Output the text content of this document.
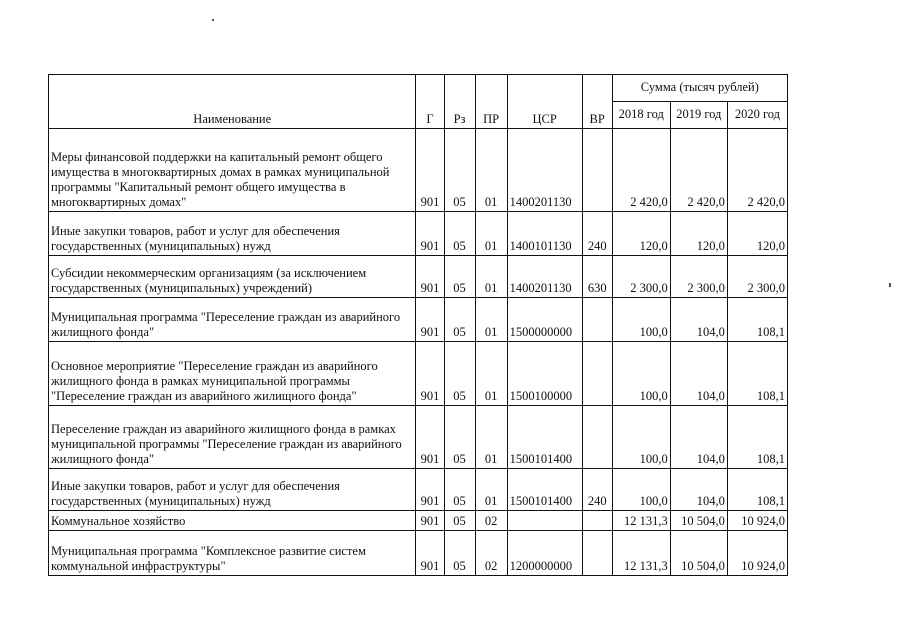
Наименование	Г	Рз	ПР	ЦСР	ВР	Сумма (тысяч рублей)		
						2018 год	2019 год	2020 год
Меры финансовой поддержки на капитальный ремонт общего имущества в многоквартирных домах в рамках муниципальной программы "Капитальный ремонт общего имущества в многоквартирных домах"	901	05	01	1400201130		2 420,0	2 420,0	2 420,0
Иные закупки товаров, работ и услуг для обеспечения государственных (муниципальных) нужд	901	05	01	1400101130	240	120,0	120,0	120,0
Субсидии некоммерческим организациям (за исключением государственных (муниципальных) учреждений)	901	05	01	1400201130	630	2 300,0	2 300,0	2 300,0
Муниципальная программа "Переселение граждан из аварийного жилищного фонда"	901	05	01	1500000000		100,0	104,0	108,1
Основное мероприятие "Переселение граждан из аварийного жилищного фонда в рамках муниципальной программы "Переселение граждан из аварийного жилищного фонда"	901	05	01	1500100000		100,0	104,0	108,1
Переселение граждан из аварийного жилищного фонда в рамках муниципальной программы "Переселение граждан из аварийного жилищного фонда"	901	05	01	1500101400		100,0	104,0	108,1
Иные закупки товаров, работ и услуг для обеспечения государственных (муниципальных) нужд	901	05	01	1500101400	240	100,0	104,0	108,1
Коммунальное хозяйство	901	05	02			12 131,3	10 504,0	10 924,0
Муниципальная программа "Комплексное развитие систем коммунальной инфраструктуры"	901	05	02	1200000000		12 131,3	10 504,0	10 924,0
